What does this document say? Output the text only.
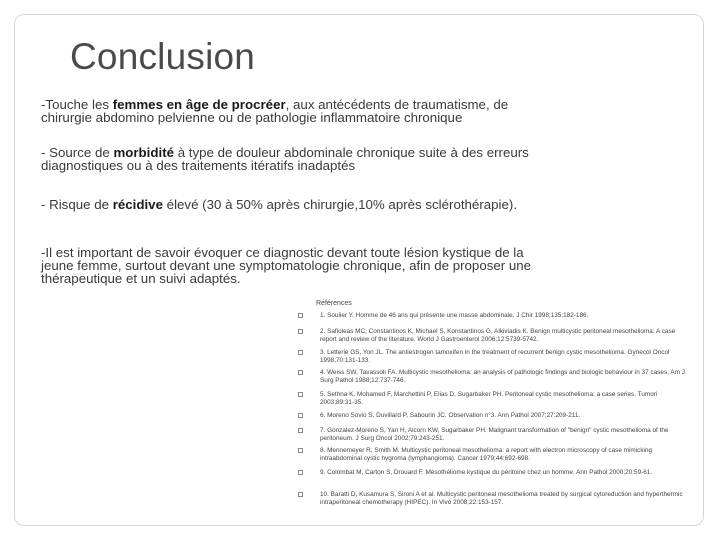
Conclusion

-Touche les femmes en âge de procréer, aux antécédents de traumatisme, de chirurgie abdomino pelvienne ou de pathologie inflammatoire chronique

- Source de morbidité à type de douleur abdominale chronique suite à des erreurs diagnostiques ou à des traitements itératifs inadaptés

- Risque de récidive élevé (30 à 50% après chirurgie,10% après sclérothérapie).

-Il est important de savoir évoquer ce diagnostic devant toute lésion kystique de la jeune femme, surtout devant une symptomatologie chronique, afin de proposer une thérapeutique et un suivi adaptés.

Références

1. Soulier Y. Homme de 46 ans qui présente une masse abdominale. J Chir 1998;135:182-186.
2. Safioleas MC, Constantinos K, Michael S, Konstantinos G, Alkiviadis K. Benign multicystic peritoneal mesothelioma: A case report and review of the literature. World J Gastroenterol 2006;12:5739-5742.
3. Letterie GS, Yon JL. The antiestrogen tamoxifen in the treatment of recurrent benign cystic mesothelioma. Gynecol Oncol 1998;70:131-133.
4. Weiss SW, Tavassoli FA. Multicystic mesothelioma: an analysis of pathologic findings and biologic behaviour in 37 cases. Am J Surg Pathol 1988;12:737-746.
5. Sethna K, Mohamed F, Marchettini P, Elias D, Sugarbaker PH. Peritoneal cystic mesothelioma: a case series. Tumori 2003;89:31-35.
6. Moreno Sovio S, Duvillard P, Sabourin JC. Observation n°3. Ann Pathol 2007;27:209-211.
7. Gonzalez-Moreno S, Yan H, Alcorn KW, Sugarbaker PH. Malignant transformation of "benign" cystic mesothelioma of the peritoneum. J Surg Oncol 2002;79:243-251.
8. Mennemeyer R, Smith M. Multicystic peritoneal mesothelioma: a report with electron microscopy of case mimicking intraabdominal cystic hygroma (lymphangioma). Cancer 1979;44:692-698.
9. Colombat M, Carton S, Drouard F. Mésothéliome kystique du péritoine chez un homme. Ann Pathol 2000;20:59-61.
10. Baratti D, Kusamura S, Sironi A et al. Multicystic peritoneal mesothelioma treated by surgical cytoreduction and hyperthermic intraperitoneal chemotherapy (HIPEC). In Vivo 2008;22:153-157.
